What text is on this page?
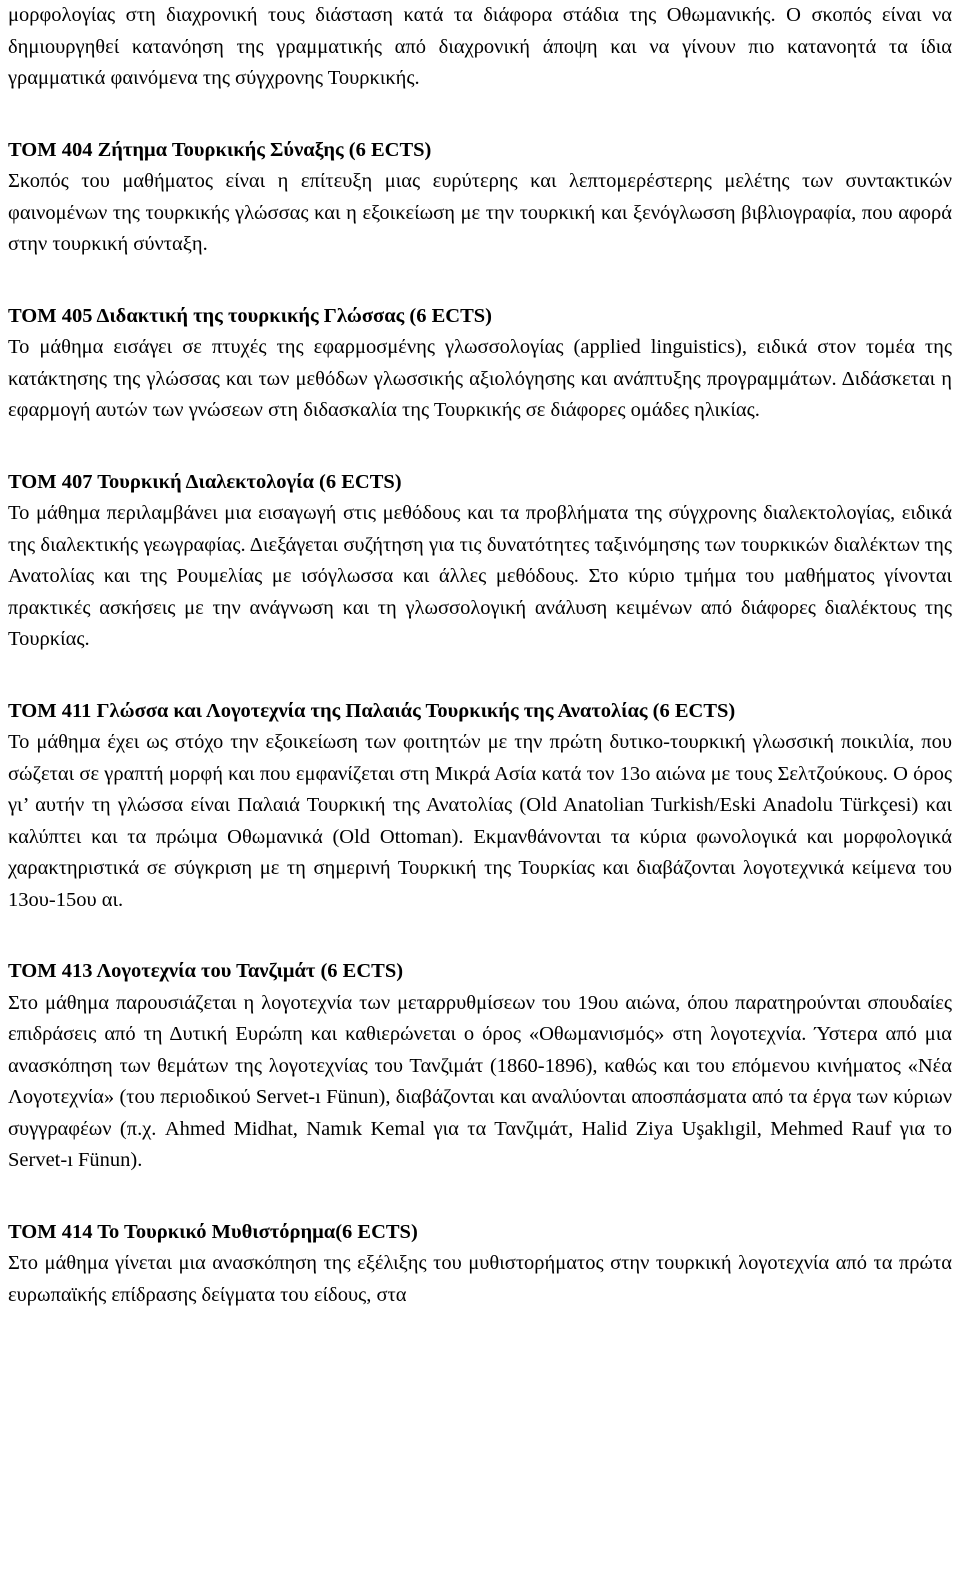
μορφολογίας στη διαχρονική τους διάσταση κατά τα διάφορα στάδια της Οθωμανικής. Ο σκοπός είναι να δημιουργηθεί κατανόηση της γραμματικής από διαχρονική άποψη και να γίνουν πιο κατανοητά τα ίδια γραμματικά φαινόμενα της σύγχρονης Τουρκικής.

ΤΟΜ 404 Ζήτημα Τουρκικής Σύναξης (6 ECTS)

Σκοπός του μαθήματος είναι η επίτευξη μιας ευρύτερης και λεπτομερέστερης μελέτης των συντακτικών φαινομένων της τουρκικής γλώσσας και η εξοικείωση με την τουρκική και ξενόγλωσση βιβλιογραφία, που αφορά στην τουρκική σύνταξη.

ΤΟΜ 405 Διδακτική της τουρκικής Γλώσσας (6 ECTS)

Το μάθημα εισάγει σε πτυχές της εφαρμοσμένης γλωσσολογίας (applied linguistics), ειδικά στον τομέα της κατάκτησης της γλώσσας και των μεθόδων γλωσσικής αξιολόγησης και ανάπτυξης προγραμμάτων. Διδάσκεται η εφαρμογή αυτών των γνώσεων στη διδασκαλία της Τουρκικής σε διάφορες ομάδες ηλικίας.

ΤΟΜ 407 Τουρκική Διαλεκτολογία (6 ECTS)

Το μάθημα περιλαμβάνει μια εισαγωγή στις μεθόδους και τα προβλήματα της σύγχρονης διαλεκτολογίας, ειδικά της διαλεκτικής γεωγραφίας. Διεξάγεται συζήτηση για τις δυνατότητες ταξινόμησης των τουρκικών διαλέκτων της Ανατολίας και της Ρουμελίας με ισόγλωσσα και άλλες μεθόδους. Στο κύριο τμήμα του μαθήματος γίνονται πρακτικές ασκήσεις με την ανάγνωση και τη γλωσσολογική ανάλυση κειμένων από διάφορες διαλέκτους της Τουρκίας.

ΤΟΜ 411 Γλώσσα και Λογοτεχνία της Παλαιάς Τουρκικής της Ανατολίας (6 ECTS)

Το μάθημα έχει ως στόχο την εξοικείωση των φοιτητών με την πρώτη δυτικο-τουρκική γλωσσική ποικιλία, που σώζεται σε γραπτή μορφή και που εμφανίζεται στη Μικρά Ασία κατά τον 13ο αιώνα με τους Σελτζούκους. Ο όρος γι’ αυτήν τη γλώσσα είναι Παλαιά Τουρκική της Ανατολίας (Old Anatolian Turkish/Eski Anadolu Türkçesi) και καλύπτει και τα πρώιμα Οθωμανικά (Old Ottoman). Εκμανθάνονται τα κύρια φωνολογικά και μορφολογικά χαρακτηριστικά σε σύγκριση με τη σημερινή Τουρκική της Τουρκίας και διαβάζονται λογοτεχνικά κείμενα του 13ου-15ου αι.

ΤΟΜ 413 Λογοτεχνία του Τανζιμάτ (6 ECTS)

Στο μάθημα παρουσιάζεται η λογοτεχνία των μεταρρυθμίσεων του 19ου αιώνα, όπου παρατηρούνται σπουδαίες επιδράσεις από τη Δυτική Ευρώπη και καθιερώνεται ο όρος «Οθωμανισμός» στη λογοτεχνία. Ύστερα από μια ανασκόπηση των θεμάτων της λογοτεχνίας του Τανζιμάτ (1860-1896), καθώς και του επόμενου κινήματος «Νέα Λογοτεχνία» (του περιοδικού Servet-ı Fünun), διαβάζονται και αναλύονται αποσπάσματα από τα έργα των κύριων συγγραφέων (π.χ. Ahmed Midhat, Namık Kemal για τα Τανζιμάτ, Halid Ziya Uşaklıgil, Mehmed Rauf για το Servet-ı Fünun).

ΤΟΜ 414 Το Τουρκικό Μυθιστόρημα(6 ECTS)

Στο μάθημα γίνεται μια ανασκόπηση της εξέλιξης του μυθιστορήματος στην τουρκική λογοτεχνία από τα πρώτα ευρωπαϊκής επίδρασης δείγματα του είδους, στα
